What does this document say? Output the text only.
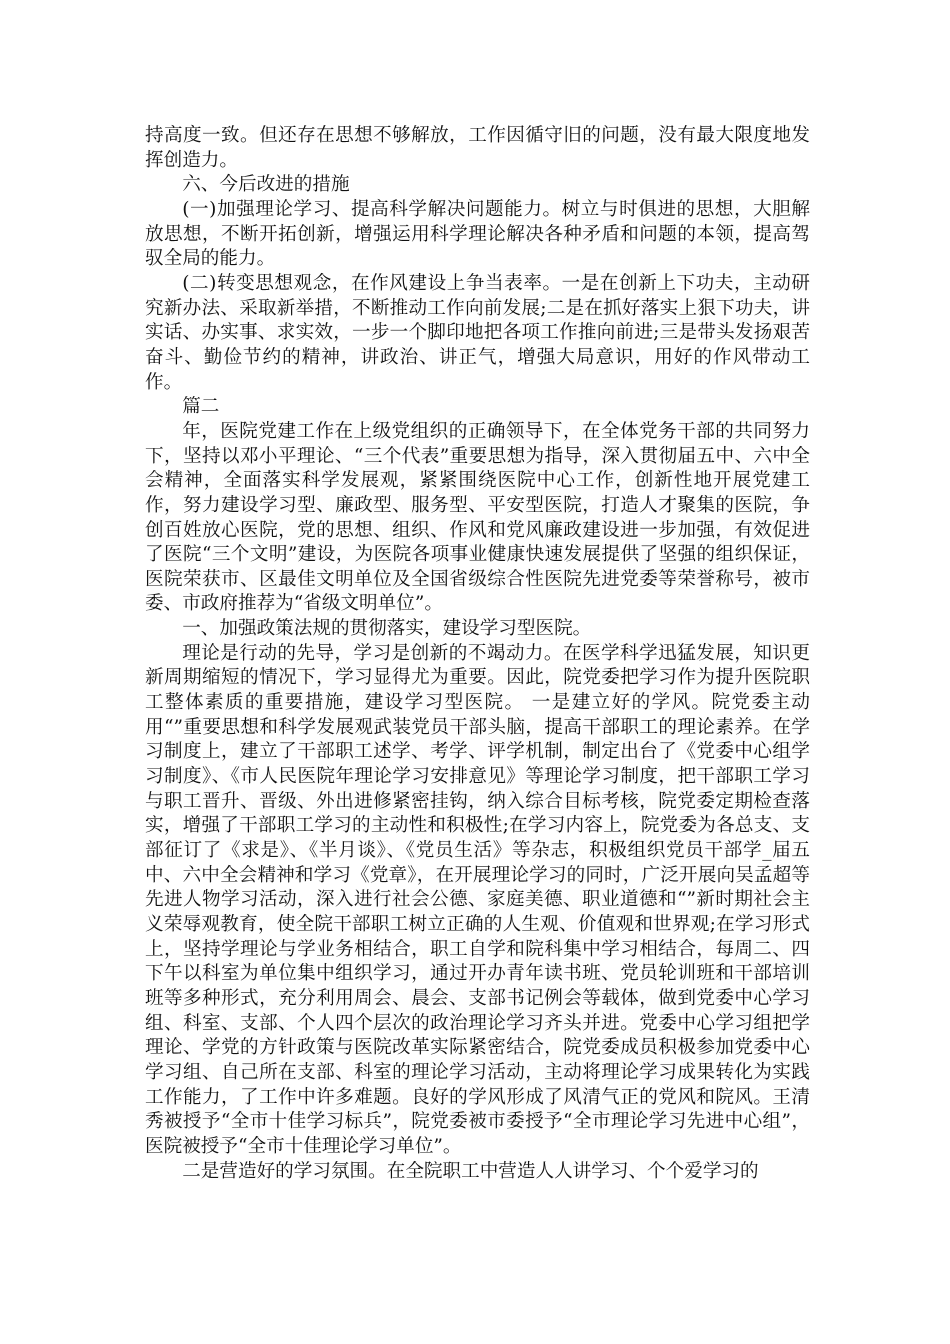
持高度一致。但还存在思想不够解放，工作因循守旧的问题，没有最大限度地发挥创造力。

六、今后改进的措施

(一)加强理论学习、提高科学解决问题能力。树立与时俱进的思想，大胆解放思想，不断开拓创新，增强运用科学理论解决各种矛盾和问题的本领，提高驾驭全局的能力。

(二)转变思想观念，在作风建设上争当表率。一是在创新上下功夫，主动研究新办法、采取新举措，不断推动工作向前发展;二是在抓好落实上狠下功夫，讲实话、办实事、求实效，一步一个脚印地把各项工作推向前进;三是带头发扬艰苦奋斗、勤俭节约的精神，讲政治、讲正气，增强大局意识，用好的作风带动工作。

篇二

年，医院党建工作在上级党组织的正确领导下，在全体党务干部的共同努力下，坚持以邓小平理论、“三个代表”重要思想为指导，深入贯彻届五中、六中全会精神，全面落实科学发展观，紧紧围绕医院中心工作，创新性地开展党建工作，努力建设学习型、廉政型、服务型、平安型医院，打造人才聚集的医院，争创百姓放心医院，党的思想、组织、作风和党风廉政建设进一步加强，有效促进了医院“三个文明”建设，为医院各项事业健康快速发展提供了坚强的组织保证，医院荣获市、区最佳文明单位及全国省级综合性医院先进党委等荣誉称号，被市委、市政府推荐为“省级文明单位”。

一、加强政策法规的贯彻落实，建设学习型医院。

理论是行动的先导，学习是创新的不竭动力。在医学科学迅猛发展，知识更新周期缩短的情况下，学习显得尤为重要。因此，院党委把学习作为提升医院职工整体素质的重要措施，建设学习型医院。 一是建立好的学风。院党委主动用“”重要思想和科学发展观武装党员干部头脑，提高干部职工的理论素养。在学习制度上，建立了干部职工述学、考学、评学机制，制定出台了《党委中心组学习制度》、《市人民医院年理论学习安排意见》等理论学习制度，把干部职工学习与职工晋升、晋级、外出进修紧密挂钩，纳入综合目标考核，院党委定期检查落实，增强了干部职工学习的主动性和积极性;在学习内容上，院党委为各总支、支部征订了《求是》、《半月谈》、《党员生活》等杂志，积极组织党员干部学_届五中、六中全会精神和学习《党章》，在开展理论学习的同时，广泛开展向吴孟超等先进人物学习活动，深入进行社会公德、家庭美德、职业道德和“”新时期社会主义荣辱观教育，使全院干部职工树立正确的人生观、价值观和世界观;在学习形式上，坚持学理论与学业务相结合，职工自学和院科集中学习相结合，每周二、四下午以科室为单位集中组织学习，通过开办青年读书班、党员轮训班和干部培训班等多种形式，充分利用周会、晨会、支部书记例会等载体，做到党委中心学习组、科室、支部、个人四个层次的政治理论学习齐头并进。党委中心学习组把学理论、学党的方针政策与医院改革实际紧密结合，院党委成员积极参加党委中心学习组、自己所在支部、科室的理论学习活动，主动将理论学习成果转化为实践工作能力，了工作中许多难题。良好的学风形成了风清气正的党风和院风。王清秀被授予“全市十佳学习标兵”，院党委被市委授予“全市理论学习先进中心组”，医院被授予“全市十佳理论学习单位”。

二是营造好的学习氛围。在全院职工中营造人人讲学习、个个爱学习的
